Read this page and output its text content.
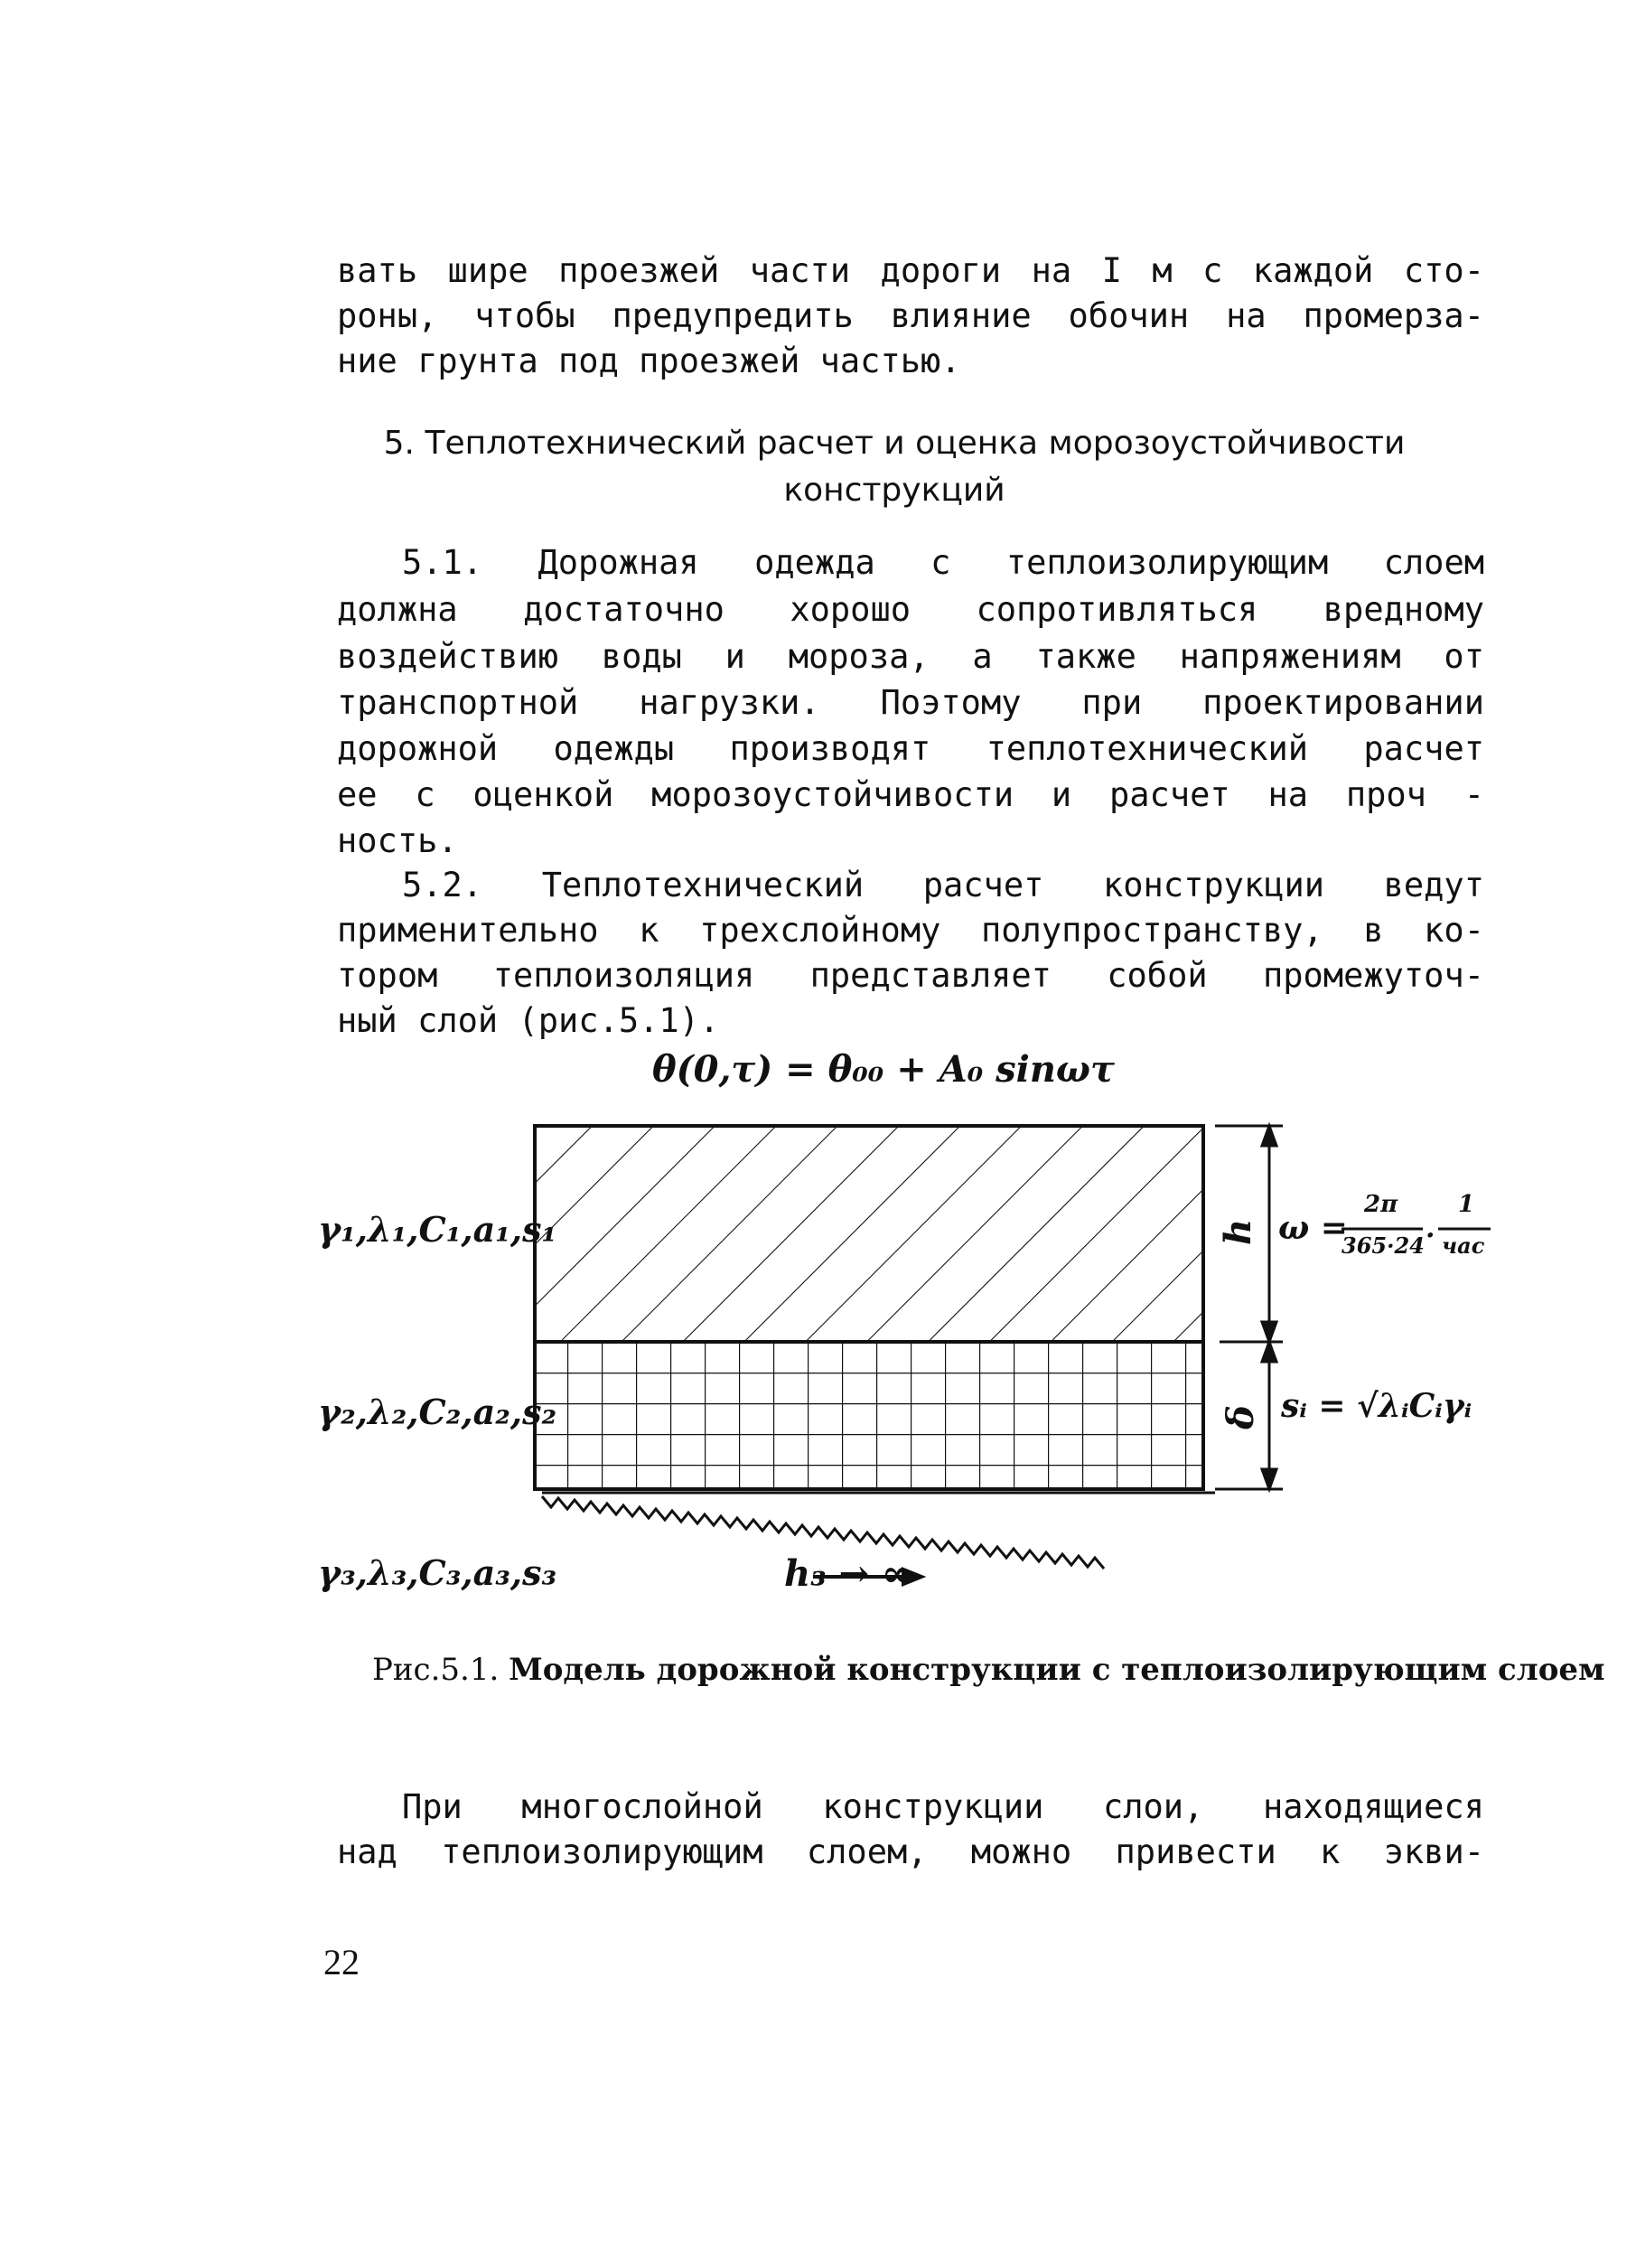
вать шире проезжей части дороги на I м с каждой сто-
роны, чтобы предупредить влияние обочин на промерза-
ние грунта под проезжей частью.
5. Теплотехнический расчет и оценка морозоустойчивости
конструкций
5.1. Дорожная одежда с теплоизолирующим слоем
должна достаточно хорошо сопротивляться вредному
воздействию воды и мороза, а также напряжениям от
транспортной нагрузки. Поэтому при проектировании
дорожной одежды производят теплотехнический расчет
ее с оценкой морозоустойчивости и расчет на проч -
ность.
5.2. Теплотехнический расчет конструкции ведут
применительно к трехслойному полупространству, в ко-
тором теплоизоляция представляет собой промежуточ-
ный слой (рис.5.1).
θ(0,τ) = θ₀₀ + A₀ sinωτ
γ₁,λ₁,C₁,a₁,s₁
γ₂,λ₂,C₂,a₂,s₂
γ₃,λ₃,C₃,a₃,s₃
h
δ
ω =
2π
365·24 ·
1
час
sᵢ = √λᵢCᵢγᵢ
h₃ → ∞
Рис.5.1. Модель дорожной конструкции с теплоизолирующим слоем
При многослойной конструкции слои, находящиеся
над теплоизолирующим слоем, можно привести к экви-
22
